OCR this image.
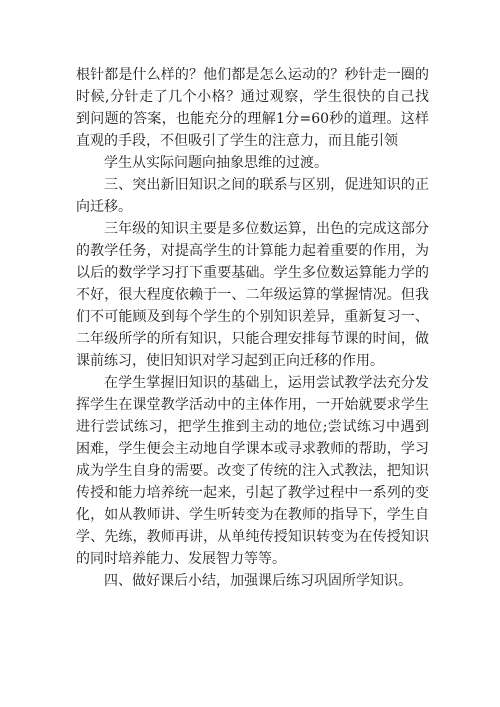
根针都是什么样的？他们都是怎么运动的？秒针走一圈的时候,分针走了几个小格？通过观察，学生很快的自己找到问题的答案，也能充分的理解1分=60秒的道理。这样直观的手段，不但吸引了学生的注意力，而且能引领

学生从实际问题向抽象思维的过渡。

三、突出新旧知识之间的联系与区别，促进知识的正向迁移。

三年级的知识主要是多位数运算，出色的完成这部分的教学任务，对提高学生的计算能力起着重要的作用，为以后的数学学习打下重要基础。学生多位数运算能力学的不好，很大程度依赖于一、二年级运算的掌握情况。但我们不可能顾及到每个学生的个别知识差异，重新复习一、二年级所学的所有知识，只能合理安排每节课的时间，做课前练习，使旧知识对学习起到正向迁移的作用。

在学生掌握旧知识的基础上，运用尝试教学法充分发挥学生在课堂教学活动中的主体作用，一开始就要求学生进行尝试练习，把学生推到主动的地位;尝试练习中遇到困难，学生便会主动地自学课本或寻求教师的帮助，学习成为学生自身的需要。改变了传统的注入式教法，把知识传授和能力培养统一起来，引起了教学过程中一系列的变化，如从教师讲、学生听转变为在教师的指导下，学生自学、先练，教师再讲，从单纯传授知识转变为在传授知识的同时培养能力、发展智力等等。

四、做好课后小结，加强课后练习巩固所学知识。
